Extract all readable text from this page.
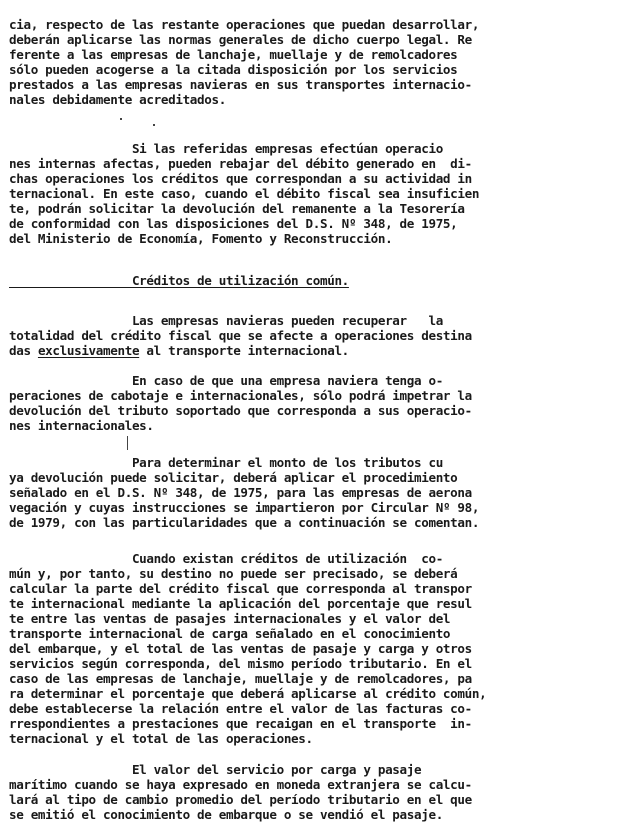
cia, respecto de las restante operaciones que puedan desarrollar,
deberán aplicarse las normas generales de dicho cuerpo legal. Re
ferente a las empresas de lanchaje, muellaje y de remolcadores
sólo pueden acogerse a la citada disposición por los servicios
prestados a las empresas navieras en sus transportes internacio-
nales debidamente acreditados.
Si las referidas empresas efectúan operacio
nes internas afectas, pueden rebajar del débito generado en  di-
chas operaciones los créditos que correspondan a su actividad in
ternacional. En este caso, cuando el débito fiscal sea insuficien
te, podrán solicitar la devolución del remanente a la Tesorería
de conformidad con las disposiciones del D.S. Nº 348, de 1975,
del Ministerio de Economía, Fomento y Reconstrucción.
Créditos de utilización común.
Las empresas navieras pueden recuperar   la
totalidad del crédito fiscal que se afecte a operaciones destina
das exclusivamente al transporte internacional.
En caso de que una empresa naviera tenga o-
peraciones de cabotaje e internacionales, sólo podrá impetrar la
devolución del tributo soportado que corresponda a sus operacio-
nes internacionales.
Para determinar el monto de los tributos cu
ya devolución puede solicitar, deberá aplicar el procedimiento
señalado en el D.S. Nº 348, de 1975, para las empresas de aerona
vegación y cuyas instrucciones se impartieron por Circular Nº 98,
de 1979, con las particularidades que a continuación se comentan.
Cuando existan créditos de utilización  co-
mún y, por tanto, su destino no puede ser precisado, se deberá
calcular la parte del crédito fiscal que corresponda al transpor
te internacional mediante la aplicación del porcentaje que resul
te entre las ventas de pasajes internacionales y el valor del
transporte internacional de carga señalado en el conocimiento
del embarque, y el total de las ventas de pasaje y carga y otros
servicios según corresponda, del mismo período tributario. En el
caso de las empresas de lanchaje, muellaje y de remolcadores, pa
ra determinar el porcentaje que deberá aplicarse al crédito común,
debe establecerse la relación entre el valor de las facturas co-
rrespondientes a prestaciones que recaigan en el transporte  in-
ternacional y el total de las operaciones.
El valor del servicio por carga y pasaje
marítimo cuando se haya expresado en moneda extranjera se calcu-
lará al tipo de cambio promedio del período tributario en el que
se emitió el conocimiento de embarque o se vendió el pasaje.
